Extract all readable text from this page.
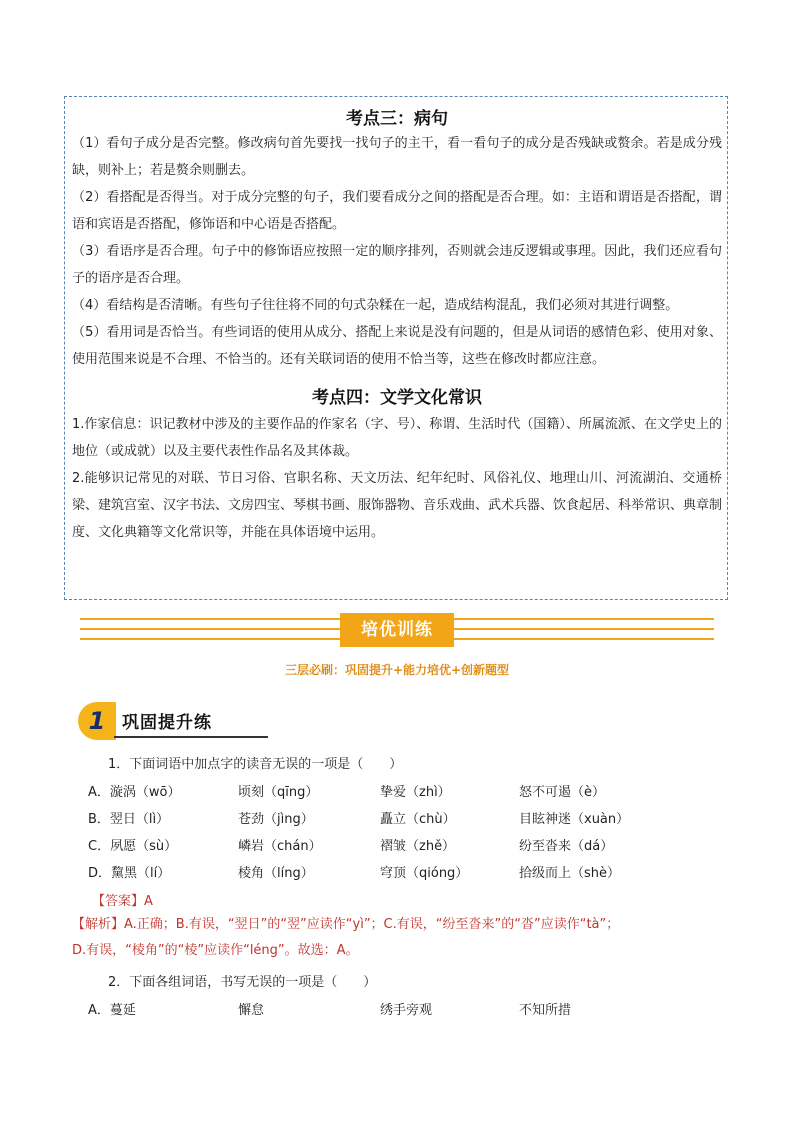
考点三：病句
（1）看句子成分是否完整。修改病句首先要找一找句子的主干，看一看句子的成分是否残缺或赘余。若是成分残缺，则补上；若是赘余则删去。
（2）看搭配是否得当。对于成分完整的句子，我们要看成分之间的搭配是否合理。如：主语和谓语是否搭配，谓语和宾语是否搭配，修饰语和中心语是否搭配。
（3）看语序是否合理。句子中的修饰语应按照一定的顺序排列，否则就会违反逻辑或事理。因此，我们还应看句子的语序是否合理。
（4）看结构是否清晰。有些句子往往将不同的句式杂糅在一起，造成结构混乱，我们必须对其进行调整。
（5）看用词是否恰当。有些词语的使用从成分、搭配上来说是没有问题的，但是从词语的感情色彩、使用对象、使用范围来说是不合理、不恰当的。还有关联词语的使用不恰当等，这些在修改时都应注意。
考点四：文学文化常识
1.作家信息：识记教材中涉及的主要作品的作家名（字、号）、称谓、生活时代（国籍）、所属流派、在文学史上的地位（或成就）以及主要代表性作品名及其体裁。
2.能够识记常见的对联、节日习俗、官职名称、天文历法、纪年纪时、风俗礼仪、地理山川、河流湖泊、交通桥梁、建筑宫室、汉字书法、文房四宝、琴棋书画、服饰器物、音乐戏曲、武术兵器、饮食起居、科举常识、典章制度、文化典籍等文化常识等，并能在具体语境中运用。
培优训练
三层必刷：巩固提升+能力培优+创新题型
1 巩固提升练
1．下面词语中加点字的读音无误的一项是（　　）
A．漩涡（wō）	顷刻（qīng）	挚爱（zhì）	怒不可遏（è）
B．翌日（lì）	苍劲（jìng）	矗立（chù）	目眩神迷（xuàn）
C．夙愿（sù）	嶙岩（chán）	褶皱（zhě）	纷至沓来（dá）
D．黧黑（lí）	棱角（líng）	穹顶（qióng）	拾级而上（shè）
【答案】A
【解析】A.正确；B.有误，“翌日”的“翌”应读作“yì”；C.有误，“纷至沓来”的“沓”应读作“tà”；
D.有误，“棱角”的“棱”应读作“léng”。故选：A。
2．下面各组词语，书写无误的一项是（　　）
A．蔓延	懈怠	绣手旁观	不知所措
